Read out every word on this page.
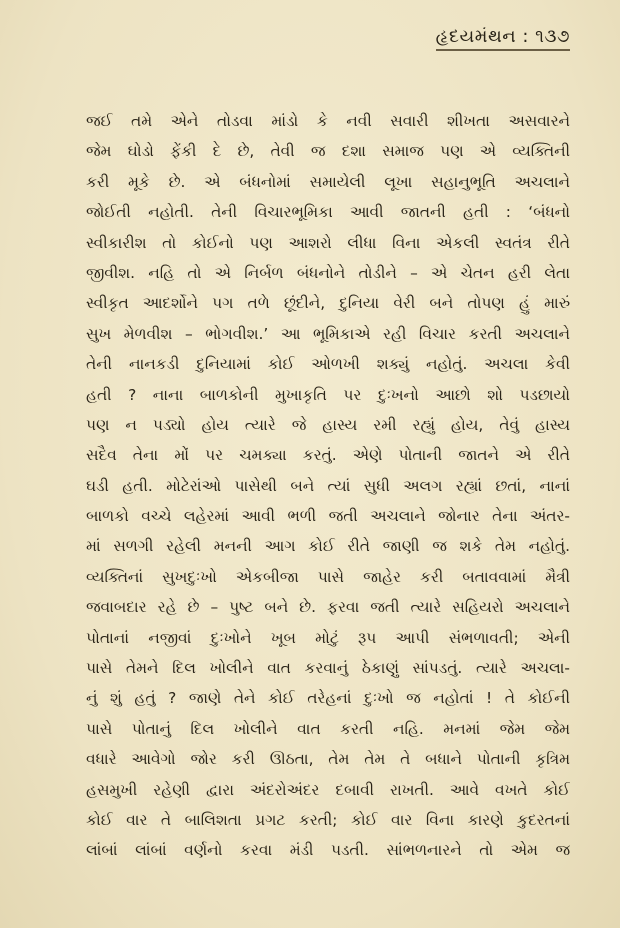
હૃદયમંથન : ૧૩૭
જઈ તમે એને તોડવા માંડો કે નવી સવારી શીખતા અસવારને
જેમ ઘોડો ફેંકી દે છે, તેવી જ દશા સમાજ પણ એ વ્યક્તિની
કરી મૂકે છે. એ બંધનોમાં સમાયેલી લૂખા સહાનુભૂતિ અચલાને
જોઈતી નહોતી. તેની વિચારભૂમિકા આવી જાતની હતી : ‘બંધનો
સ્વીકારીશ તો કોઈનો પણ આશરો લીધા વિના એકલી સ્વતંત્ર રીતે
જીવીશ. નહિ તો એ નિર્બળ બંધનોને તોડીને – એ ચેતન હરી લેતા
સ્વીકૃત આદર્શોને પગ તળે છૂંદીને, દુનિયા વેરી બને તોપણ હું મારું
સુખ મેળવીશ – ભોગવીશ.’ આ ભૂમિકાએ રહી વિચાર કરતી અચલાને
તેની નાનકડી દુનિયામાં કોઈ ઓળખી શક્યું નહોતું. અચલા કેવી
હતી ? નાના બાળકોની મુખાકૃતિ પર દુઃખનો આછો શો પડછાયો
પણ ન પડ્યો હોય ત્યારે જે હાસ્ય રમી રહ્યું હોય, તેવું હાસ્ય
સદૈવ તેના મોં પર ચમક્યા કરતું. એણે પોતાની જાતને એ રીતે
ઘડી હતી. મોટેરાંઓ પાસેથી બને ત્યાં સુધી અલગ રહ્યાં છતાં, નાનાં
બાળકો વચ્ચે લહેરમાં આવી ભળી જતી અચલાને જોનાર તેના અંતર-
માં સળગી રહેલી મનની આગ કોઈ રીતે જાણી જ શકે તેમ નહોતું.
વ્યક્તિનાં સુખદુઃખો એકબીજા પાસે જાહેર કરી બતાવવામાં મૈત્રી
જવાબદાર રહે છે – પુષ્ટ બને છે. ફરવા જતી ત્યારે સહિયરો અચલાને
પોતાનાં નજીવાં દુઃખોને ખૂબ મોટું રૂપ આપી સંભળાવતી; એની
પાસે તેમને દિલ ખોલીને વાત કરવાનું ઠેકાણું સાંપડતું. ત્યારે અચલા-
નું શું હતું ? જાણે તેને કોઈ તરેહનાં દુઃખો જ નહોતાં ! તે કોઈની
પાસે પોતાનું દિલ ખોલીને વાત કરતી નહિ. મનમાં જેમ જેમ
વધારે આવેગો જોર કરી ઊઠતા, તેમ તેમ તે બધાને પોતાની કૃત્રિમ
હસમુખી રહેણી દ્વારા અંદરોઅંદર દબાવી રાખતી. આવે વખતે કોઈ
કોઈ વાર તે બાલિશતા પ્રગટ કરતી; કોઈ વાર વિના કારણે કુદરતનાં
લાંબાં લાંબાં વર્ણનો કરવા મંડી પડતી. સાંભળનારને તો એમ જ
